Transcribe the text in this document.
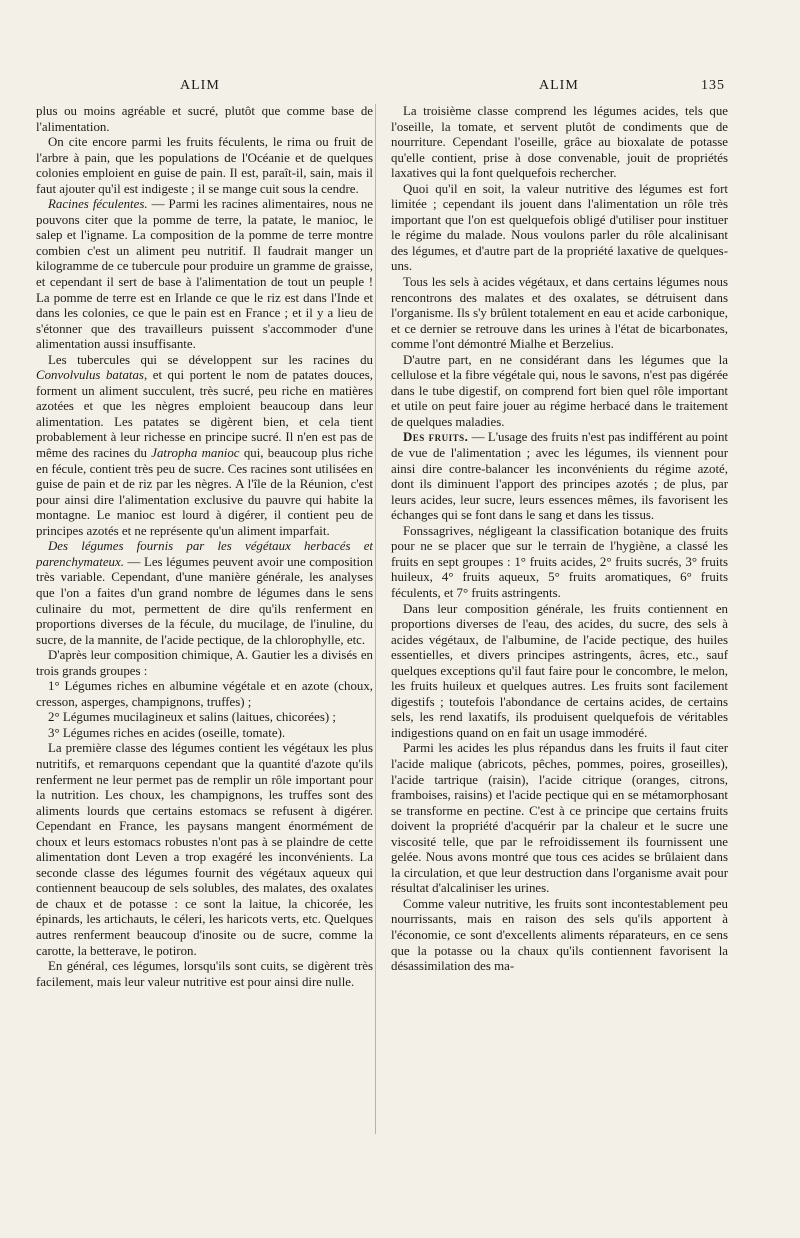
ALIM	ALIM	135

plus ou moins agréable et sucré, plutôt que comme base de l'alimentation.

On cite encore parmi les fruits féculents, le rima ou fruit de l'arbre à pain, que les populations de l'Océanie et de quelques colonies emploient en guise de pain. Il est, paraît-il, sain, mais il faut ajouter qu'il est indigeste ; il se mange cuit sous la cendre.

Racines féculentes. — Parmi les racines alimentaires, nous ne pouvons citer que la pomme de terre, la patate, le manioc, le salep et l'igname. La composition de la pomme de terre montre combien c'est un aliment peu nutritif. Il faudrait manger un kilogramme de ce tubercule pour produire un gramme de graisse, et cependant il sert de base à l'alimentation de tout un peuple ! La pomme de terre est en Irlande ce que le riz est dans l'Inde et dans les colonies, ce que le pain est en France ; et il y a lieu de s'étonner que des travailleurs puissent s'accommoder d'une alimentation aussi insuffisante.

Les tubercules qui se développent sur les racines du Convolvulus batatas, et qui portent le nom de patates douces, forment un aliment succulent, très sucré, peu riche en matières azotées et que les nègres emploient beaucoup dans leur alimentation. Les patates se digèrent bien, et cela tient probablement à leur richesse en principe sucré. Il n'en est pas de même des racines du Jatropha manioc qui, beaucoup plus riche en fécule, contient très peu de sucre. Ces racines sont utilisées en guise de pain et de riz par les nègres. A l'île de la Réunion, c'est pour ainsi dire l'alimentation exclusive du pauvre qui habite la montagne. Le manioc est lourd à digérer, il contient peu de principes azotés et ne représente qu'un aliment imparfait.

Des légumes fournis par les végétaux herbacés et parenchymateux. — Les légumes peuvent avoir une composition très variable. Cependant, d'une manière générale, les analyses que l'on a faites d'un grand nombre de légumes dans le sens culinaire du mot, permettent de dire qu'ils renferment en proportions diverses de la fécule, du mucilage, de l'inuline, du sucre, de la mannite, de l'acide pectique, de la chlorophylle, etc.

D'après leur composition chimique, A. Gautier les a divisés en trois grands groupes :

1° Légumes riches en albumine végétale et en azote (choux, cresson, asperges, champignons, truffes) ;

2° Légumes mucilagineux et salins (laitues, chicorées) ;

3° Légumes riches en acides (oseille, tomate).

La première classe des légumes contient les végétaux les plus nutritifs, et remarquons cependant que la quantité d'azote qu'ils renferment ne leur permet pas de remplir un rôle important pour la nutrition. Les choux, les champignons, les truffes sont des aliments lourds que certains estomacs se refusent à digérer. Cependant en France, les paysans mangent énormément de choux et leurs estomacs robustes n'ont pas à se plaindre de cette alimentation dont Leven a trop exagéré les inconvénients. La seconde classe des légumes fournit des végétaux aqueux qui contiennent beaucoup de sels solubles, des malates, des oxalates de chaux et de potasse : ce sont la laitue, la chicorée, les épinards, les artichauts, le céleri, les haricots verts, etc. Quelques autres renferment beaucoup d'inosite ou de sucre, comme la carotte, la betterave, le potiron.

En général, ces légumes, lorsqu'ils sont cuits, se digèrent très facilement, mais leur valeur nutritive est pour ainsi dire nulle.

La troisième classe comprend les légumes acides, tels que l'oseille, la tomate, et servent plutôt de condiments que de nourriture. Cependant l'oseille, grâce au bioxalate de potasse qu'elle contient, prise à dose convenable, jouit de propriétés laxatives qui la font quelquefois rechercher.

Quoi qu'il en soit, la valeur nutritive des légumes est fort limitée ; cependant ils jouent dans l'alimentation un rôle très important que l'on est quelquefois obligé d'utiliser pour instituer le régime du malade. Nous voulons parler du rôle alcalinisant des légumes, et d'autre part de la propriété laxative de quelques-uns.

Tous les sels à acides végétaux, et dans certains légumes nous rencontrons des malates et des oxalates, se détruisent dans l'organisme. Ils s'y brûlent totalement en eau et acide carbonique, et ce dernier se retrouve dans les urines à l'état de bicarbonates, comme l'ont démontré Mialhe et Berzelius.

D'autre part, en ne considérant dans les légumes que la cellulose et la fibre végétale qui, nous le savons, n'est pas digérée dans le tube digestif, on comprend fort bien quel rôle important et utile on peut faire jouer au régime herbacé dans le traitement de quelques maladies.

Des fruits. — L'usage des fruits n'est pas indifférent au point de vue de l'alimentation ; avec les légumes, ils viennent pour ainsi dire contre-balancer les inconvénients du régime azoté, dont ils diminuent l'apport des principes azotés ; de plus, par leurs acides, leur sucre, leurs essences mêmes, ils favorisent les échanges qui se font dans le sang et dans les tissus.

Fonssagrives, négligeant la classification botanique des fruits pour ne se placer que sur le terrain de l'hygiène, a classé les fruits en sept groupes : 1° fruits acides, 2° fruits sucrés, 3° fruits huileux, 4° fruits aqueux, 5° fruits aromatiques, 6° fruits féculents, et 7° fruits astringents.

Dans leur composition générale, les fruits contiennent en proportions diverses de l'eau, des acides, du sucre, des sels à acides végétaux, de l'albumine, de l'acide pectique, des huiles essentielles, et divers principes astringents, âcres, etc., sauf quelques exceptions qu'il faut faire pour le concombre, le melon, les fruits huileux et quelques autres. Les fruits sont facilement digestifs ; toutefois l'abondance de certains acides, de certains sels, les rend laxatifs, ils produisent quelquefois de véritables indigestions quand on en fait un usage immodéré.

Parmi les acides les plus répandus dans les fruits il faut citer l'acide malique (abricots, pêches, pommes, poires, groseilles), l'acide tartrique (raisin), l'acide citrique (oranges, citrons, framboises, raisins) et l'acide pectique qui en se métamorphosant se transforme en pectine. C'est à ce principe que certains fruits doivent la propriété d'acquérir par la chaleur et le sucre une viscosité telle, que par le refroidissement ils fournissent une gelée. Nous avons montré que tous ces acides se brûlaient dans la circulation, et que leur destruction dans l'organisme avait pour résultat d'alcaliniser les urines.

Comme valeur nutritive, les fruits sont incontestablement peu nourrissants, mais en raison des sels qu'ils apportent à l'économie, ce sont d'excellents aliments réparateurs, en ce sens que la potasse ou la chaux qu'ils contiennent favorisent la désassimilation des ma-
